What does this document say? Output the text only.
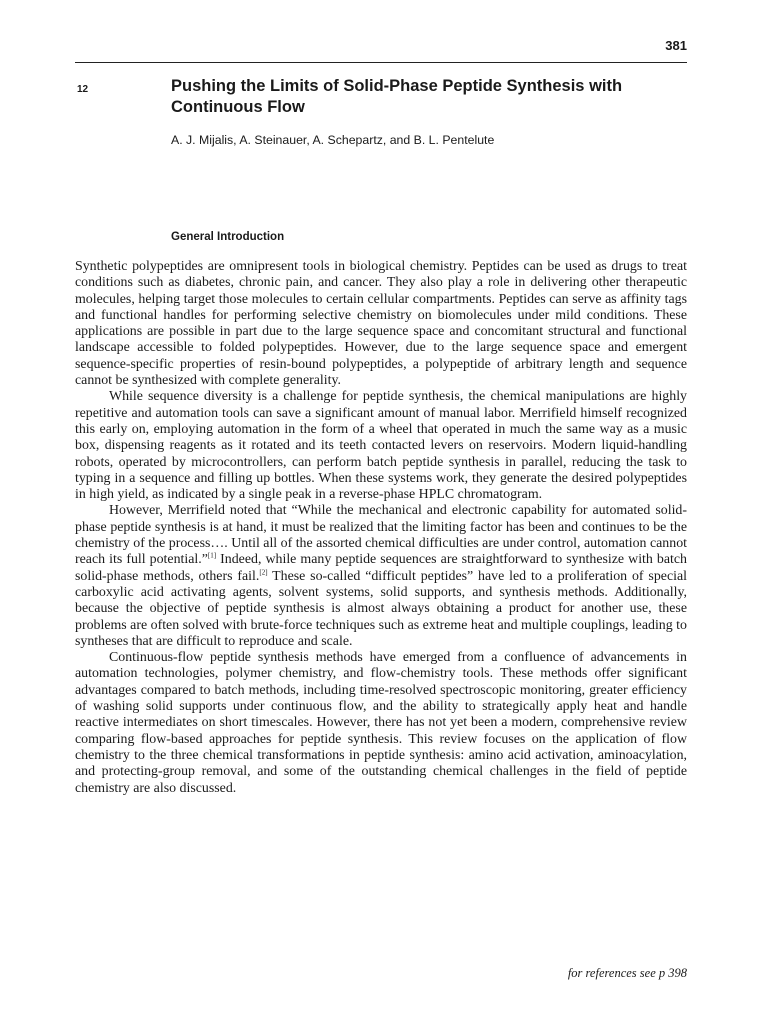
381
12	Pushing the Limits of Solid-Phase Peptide Synthesis with Continuous Flow
A. J. Mijalis, A. Steinauer, A. Schepartz, and B. L. Pentelute
General Introduction

Synthetic polypeptides are omnipresent tools in biological chemistry. Peptides can be used as drugs to treat conditions such as diabetes, chronic pain, and cancer. They also play a role in delivering other therapeutic molecules, helping target those molecules to certain cellular compartments. Peptides can serve as affinity tags and functional handles for performing selective chemistry on biomolecules under mild conditions. These applications are possible in part due to the large sequence space and concomitant structural and functional landscape accessible to folded polypeptides. However, due to the large sequence space and emergent sequence-specific properties of resin-bound polypeptides, a polypeptide of arbitrary length and sequence cannot be synthesized with complete generality.

While sequence diversity is a challenge for peptide synthesis, the chemical manipulations are highly repetitive and automation tools can save a significant amount of manual labor. Merrifield himself recognized this early on, employing automation in the form of a wheel that operated in much the same way as a music box, dispensing reagents as it rotated and its teeth contacted levers on reservoirs. Modern liquid-handling robots, operated by microcontrollers, can perform batch peptide synthesis in parallel, reducing the task to typing in a sequence and filling up bottles. When these systems work, they generate the desired polypeptides in high yield, as indicated by a single peak in a reverse-phase HPLC chromatogram.

However, Merrifield noted that “While the mechanical and electronic capability for automated solid-phase peptide synthesis is at hand, it must be realized that the limiting factor has been and continues to be the chemistry of the process…. Until all of the assorted chemical difficulties are under control, automation cannot reach its full potential.”[1] Indeed, while many peptide sequences are straightforward to synthesize with batch solid-phase methods, others fail.[2] These so-called “difficult peptides” have led to a proliferation of special carboxylic acid activating agents, solvent systems, solid supports, and synthesis methods. Additionally, because the objective of peptide synthesis is almost always obtaining a product for another use, these problems are often solved with brute-force techniques such as extreme heat and multiple couplings, leading to syntheses that are difficult to reproduce and scale.

Continuous-flow peptide synthesis methods have emerged from a confluence of advancements in automation technologies, polymer chemistry, and flow-chemistry tools. These methods offer significant advantages compared to batch methods, including time-resolved spectroscopic monitoring, greater efficiency of washing solid supports under continuous flow, and the ability to strategically apply heat and handle reactive intermediates on short timescales. However, there has not yet been a modern, comprehensive review comparing flow-based approaches for peptide synthesis. This review focuses on the application of flow chemistry to the three chemical transformations in peptide synthesis: amino acid activation, aminoacylation, and protecting-group removal, and some of the outstanding chemical challenges in the field of peptide chemistry are also discussed.

for references see p 398
